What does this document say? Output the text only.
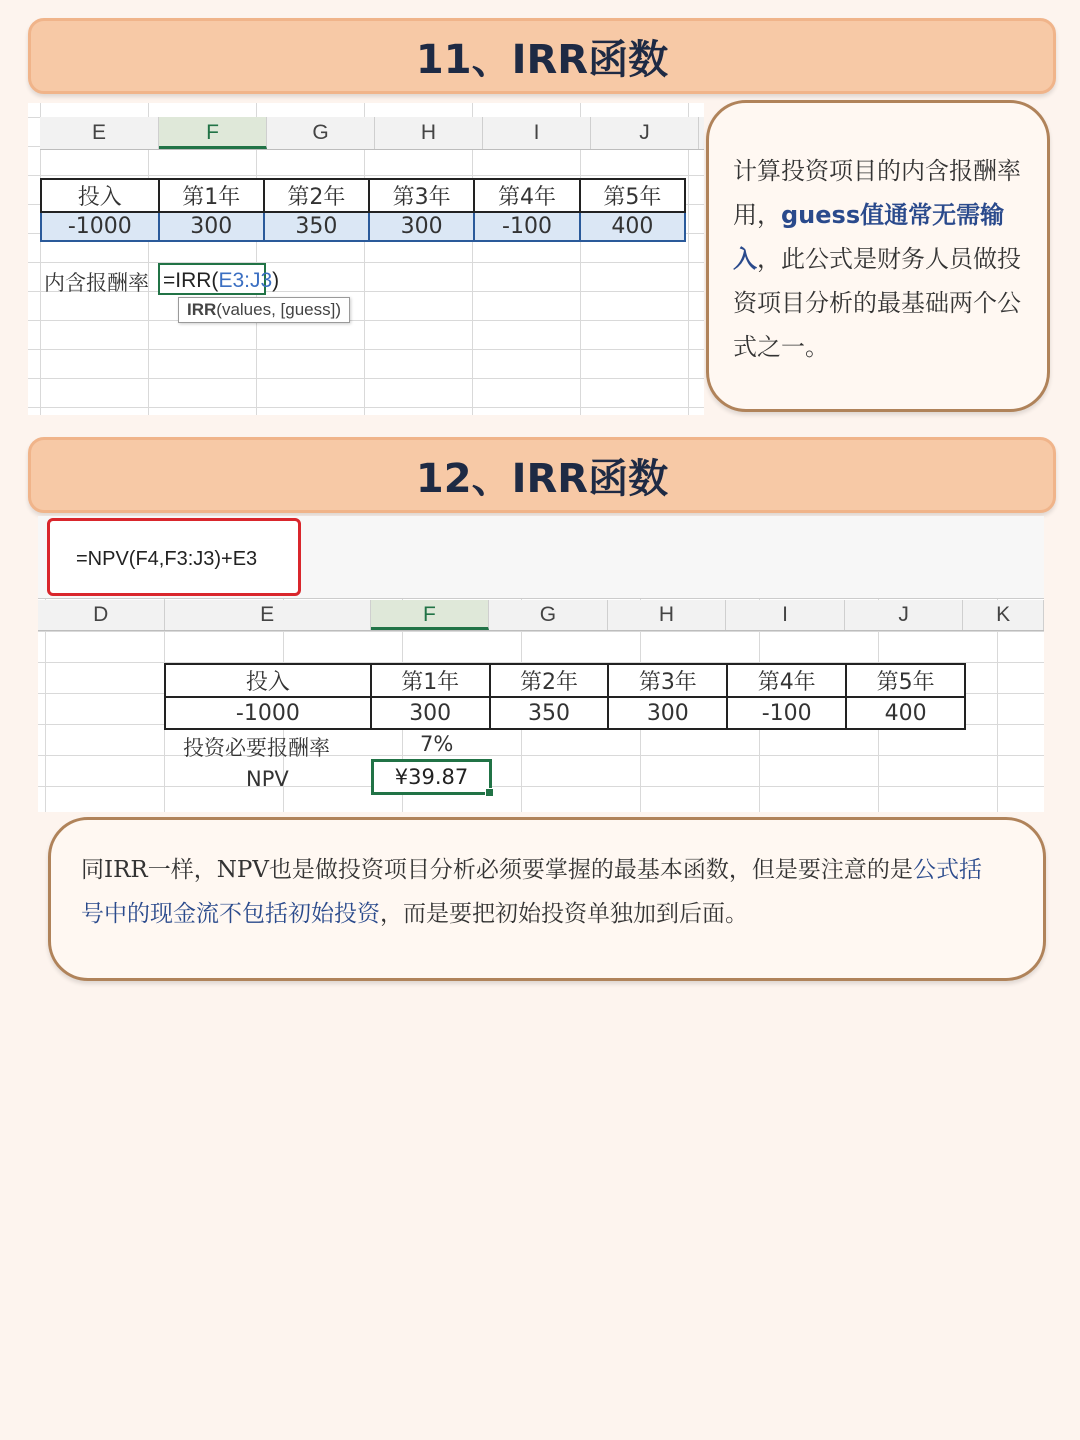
11、IRR函数
E	F	G	H	I	J
投入	第1年	第2年	第3年	第4年	第5年
-1000	300	350	300	-100	400
内含报酬率 =IRR(E3:J3)
IRR(values, [guess])
计算投资项目的内含报酬率用，guess值通常无需输入，此公式是财务人员做投资项目分析的最基础两个公式之一。
12、IRR函数
=NPV(F4,F3:J3)+E3
D	E	F	G	H	I	J	K
投入	第1年	第2年	第3年	第4年	第5年
-1000	300	350	300	-100	400
投资必要报酬率	7%
NPV	¥39.87
同IRR一样，NPV也是做投资项目分析必须要掌握的最基本函数，但是要注意的是公式括号中的现金流不包括初始投资，而是要把初始投资单独加到后面。
